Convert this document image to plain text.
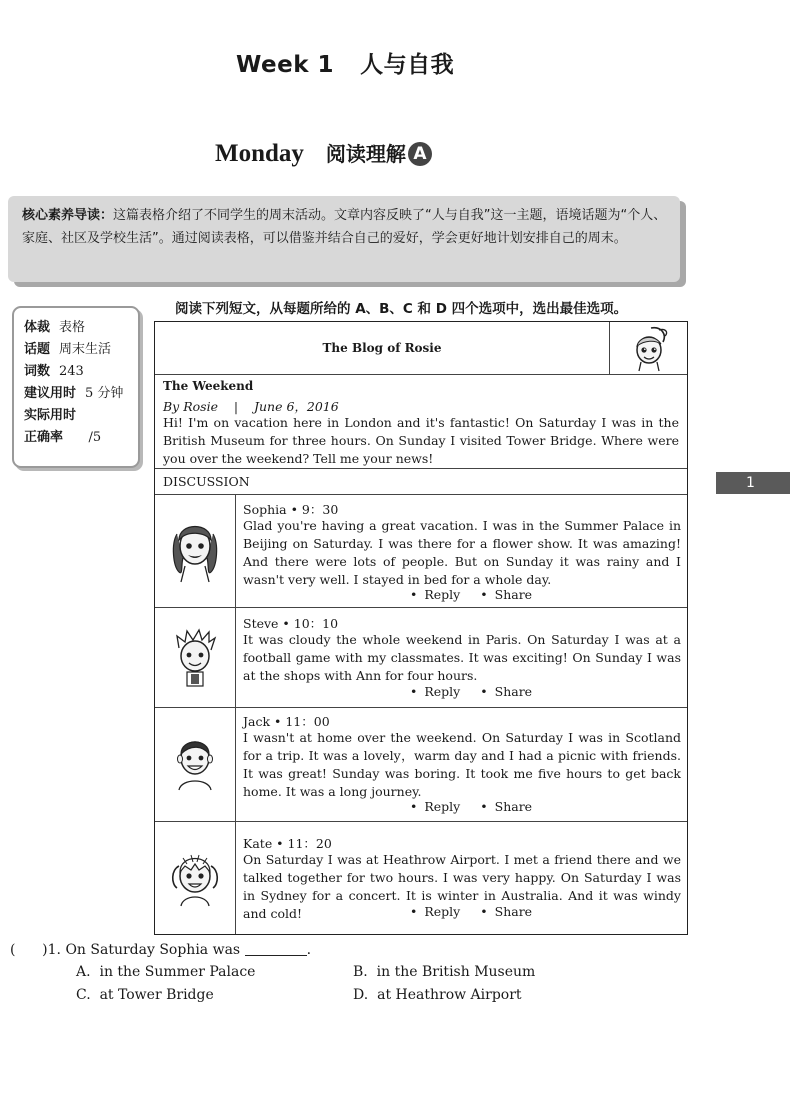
Week 1 人与自我
Monday 阅读理解 A
核心素养导读：这篇表格介绍了不同学生的周末活动。文章内容反映了“人与自我”这一主题，语境话题为“个人、家庭、社区及学校生活”。通过阅读表格，可以借鉴并结合自己的爱好，学会更好地计划安排自己的周末。
阅读下列短文，从每题所给的 A、B、C 和 D 四个选项中，选出最佳选项。
体裁 表格
话题 周末生活
词数 243
建议用时 5 分钟
实际用时
正确率    /5
The Blog of Rosie
The Weekend
By Rosie    |    June 6，2016
Hi! I'm on vacation here in London and it's fantastic! On Saturday I was in the British Museum for three hours. On Sunday I visited Tower Bridge. Where were you over the weekend? Tell me your news!
DISCUSSION
Sophia • 9：30
Glad you're having a great vacation. I was in the Summer Palace in Beijing on Saturday. I was there for a flower show. It was amazing! And there were lots of people. But on Sunday it was rainy and I wasn't very well. I stayed in bed for a whole day.
• Reply • Share
Steve • 10：10
It was cloudy the whole weekend in Paris. On Saturday I was at a football game with my classmates. It was exciting! On Sunday I was at the shops with Ann for four hours.
• Reply • Share
Jack • 11：00
I wasn't at home over the weekend. On Saturday I was in Scotland for a trip. It was a lovely，warm day and I had a picnic with friends. It was great! Sunday was boring. It took me five hours to get back home. It was a long journey.
• Reply • Share
Kate • 11：20
On Saturday I was at Heathrow Airport. I met a friend there and we talked together for two hours. I was very happy. On Saturday I was in Sydney for a concert. It is winter in Australia. And it was windy and cold!	• Reply • Share
1
(      )1. On Saturday Sophia was	.
A. in the Summer Palace	B. in the British Museum
C. at Tower Bridge	D. at Heathrow Airport
